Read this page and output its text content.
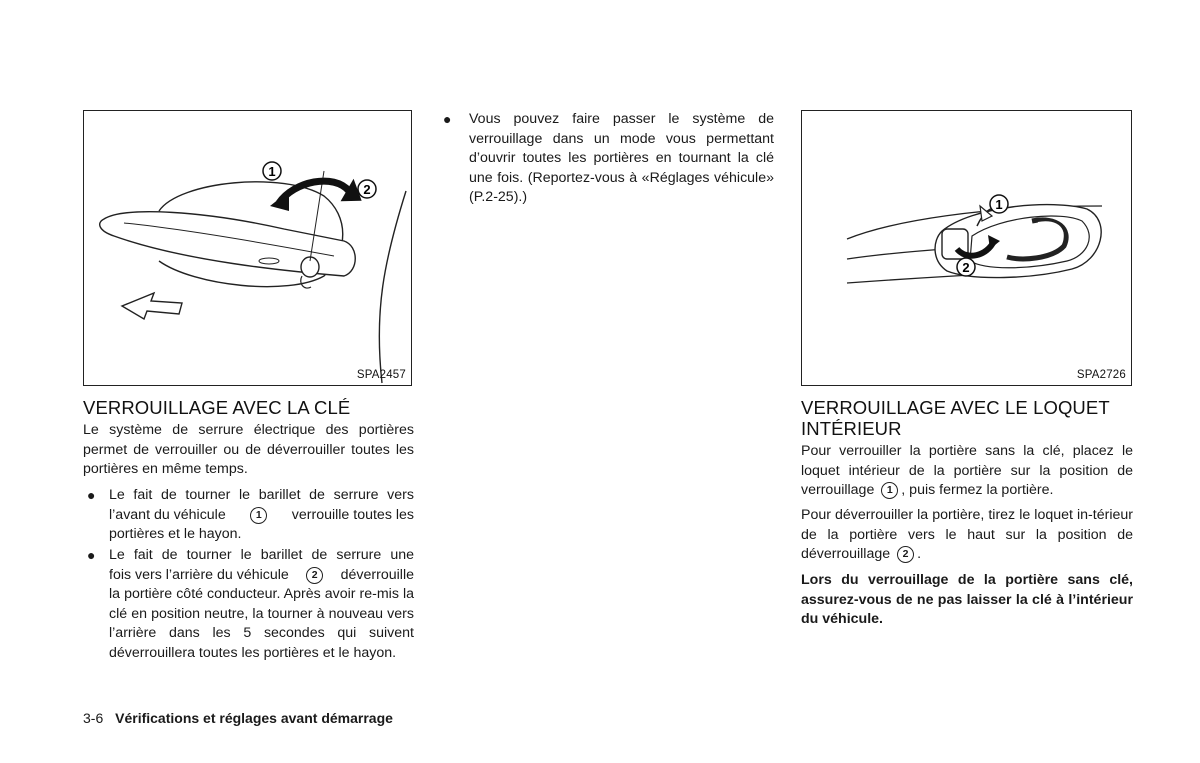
1
2
SPA2457
VERROUILLAGE AVEC LA CLÉ

Le système de serrure électrique des portières permet de verrouiller ou de déverrouiller toutes les portières en même temps.

● Le fait de tourner le barillet de serrure vers
l’avant du véhicule	1	verrouille toutes les
portières et le hayon.
● Le fait de tourner le barillet de serrure une
fois vers l’arrière du véhicule	2	déverrouille
la portière côté conducteur. Après avoir re-mis la clé en position neutre, la tourner à nouveau vers l’arrière dans les 5 secondes qui suivent déverrouillera toutes les portières et le hayon.
● Vous pouvez faire passer le système de verrouillage dans un mode vous permettant d’ouvrir toutes les portières en tournant la clé une fois. (Reportez-vous à «Réglages véhicule» (P.2-25).)	1
2
SPA2726
VERROUILLAGE AVEC LE LOQUET
INTÉRIEUR

Pour verrouiller la portière sans la clé, placez le loquet intérieur de la portière sur la position de verrouillage 1 , puis fermez la portière.

Pour déverrouiller la portière, tirez le loquet in-térieur de la portière vers le haut sur la position de déverrouillage 2 .

Lors du verrouillage de la portière sans clé, assurez-vous de ne pas laisser la clé à l’intérieur du véhicule.

3-6 Vérifications et réglages avant démarrage
